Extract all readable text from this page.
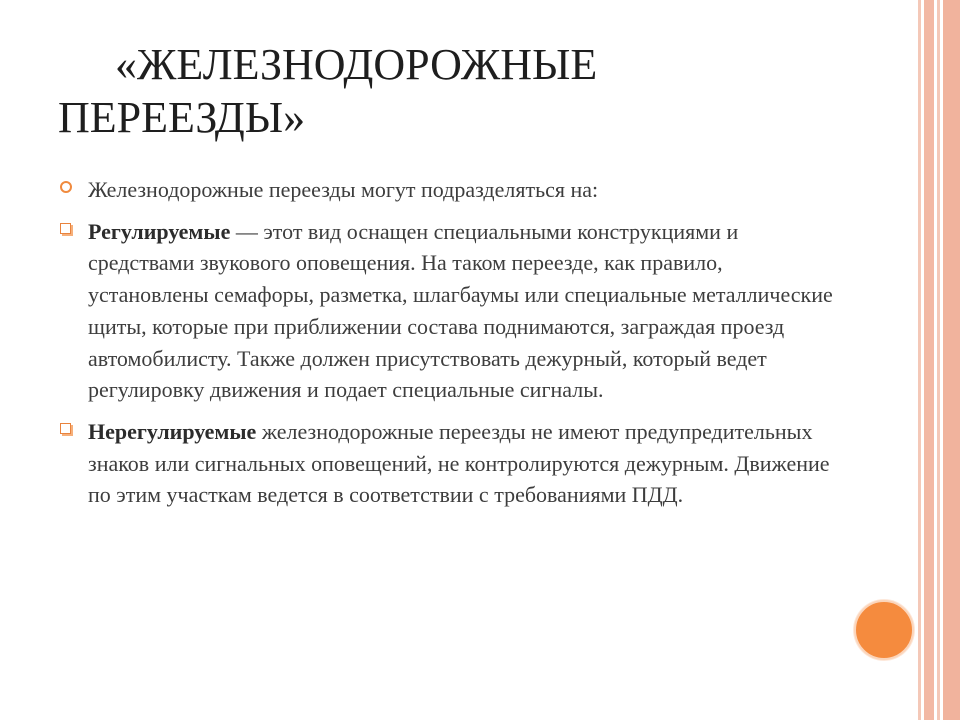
«ЖЕЛЕЗНОДОРОЖНЫЕ
ПЕРЕЕЗДЫ»
Железнодорожные переезды могут подразделяться на:
Регулируемые — этот вид оснащен специальными конструкциями и средствами звукового оповещения. На таком переезде, как правило, установлены семафоры, разметка, шлагбаумы или специальные металлические щиты, которые при приближении состава поднимаются, заграждая проезд автомобилисту. Также должен присутствовать дежурный, который ведет регулировку движения и подает специальные сигналы.
Нерегулируемые железнодорожные переезды не имеют предупредительных знаков или сигнальных оповещений, не контролируются дежурным. Движение по этим участкам ведется в соответствии с требованиями ПДД.
